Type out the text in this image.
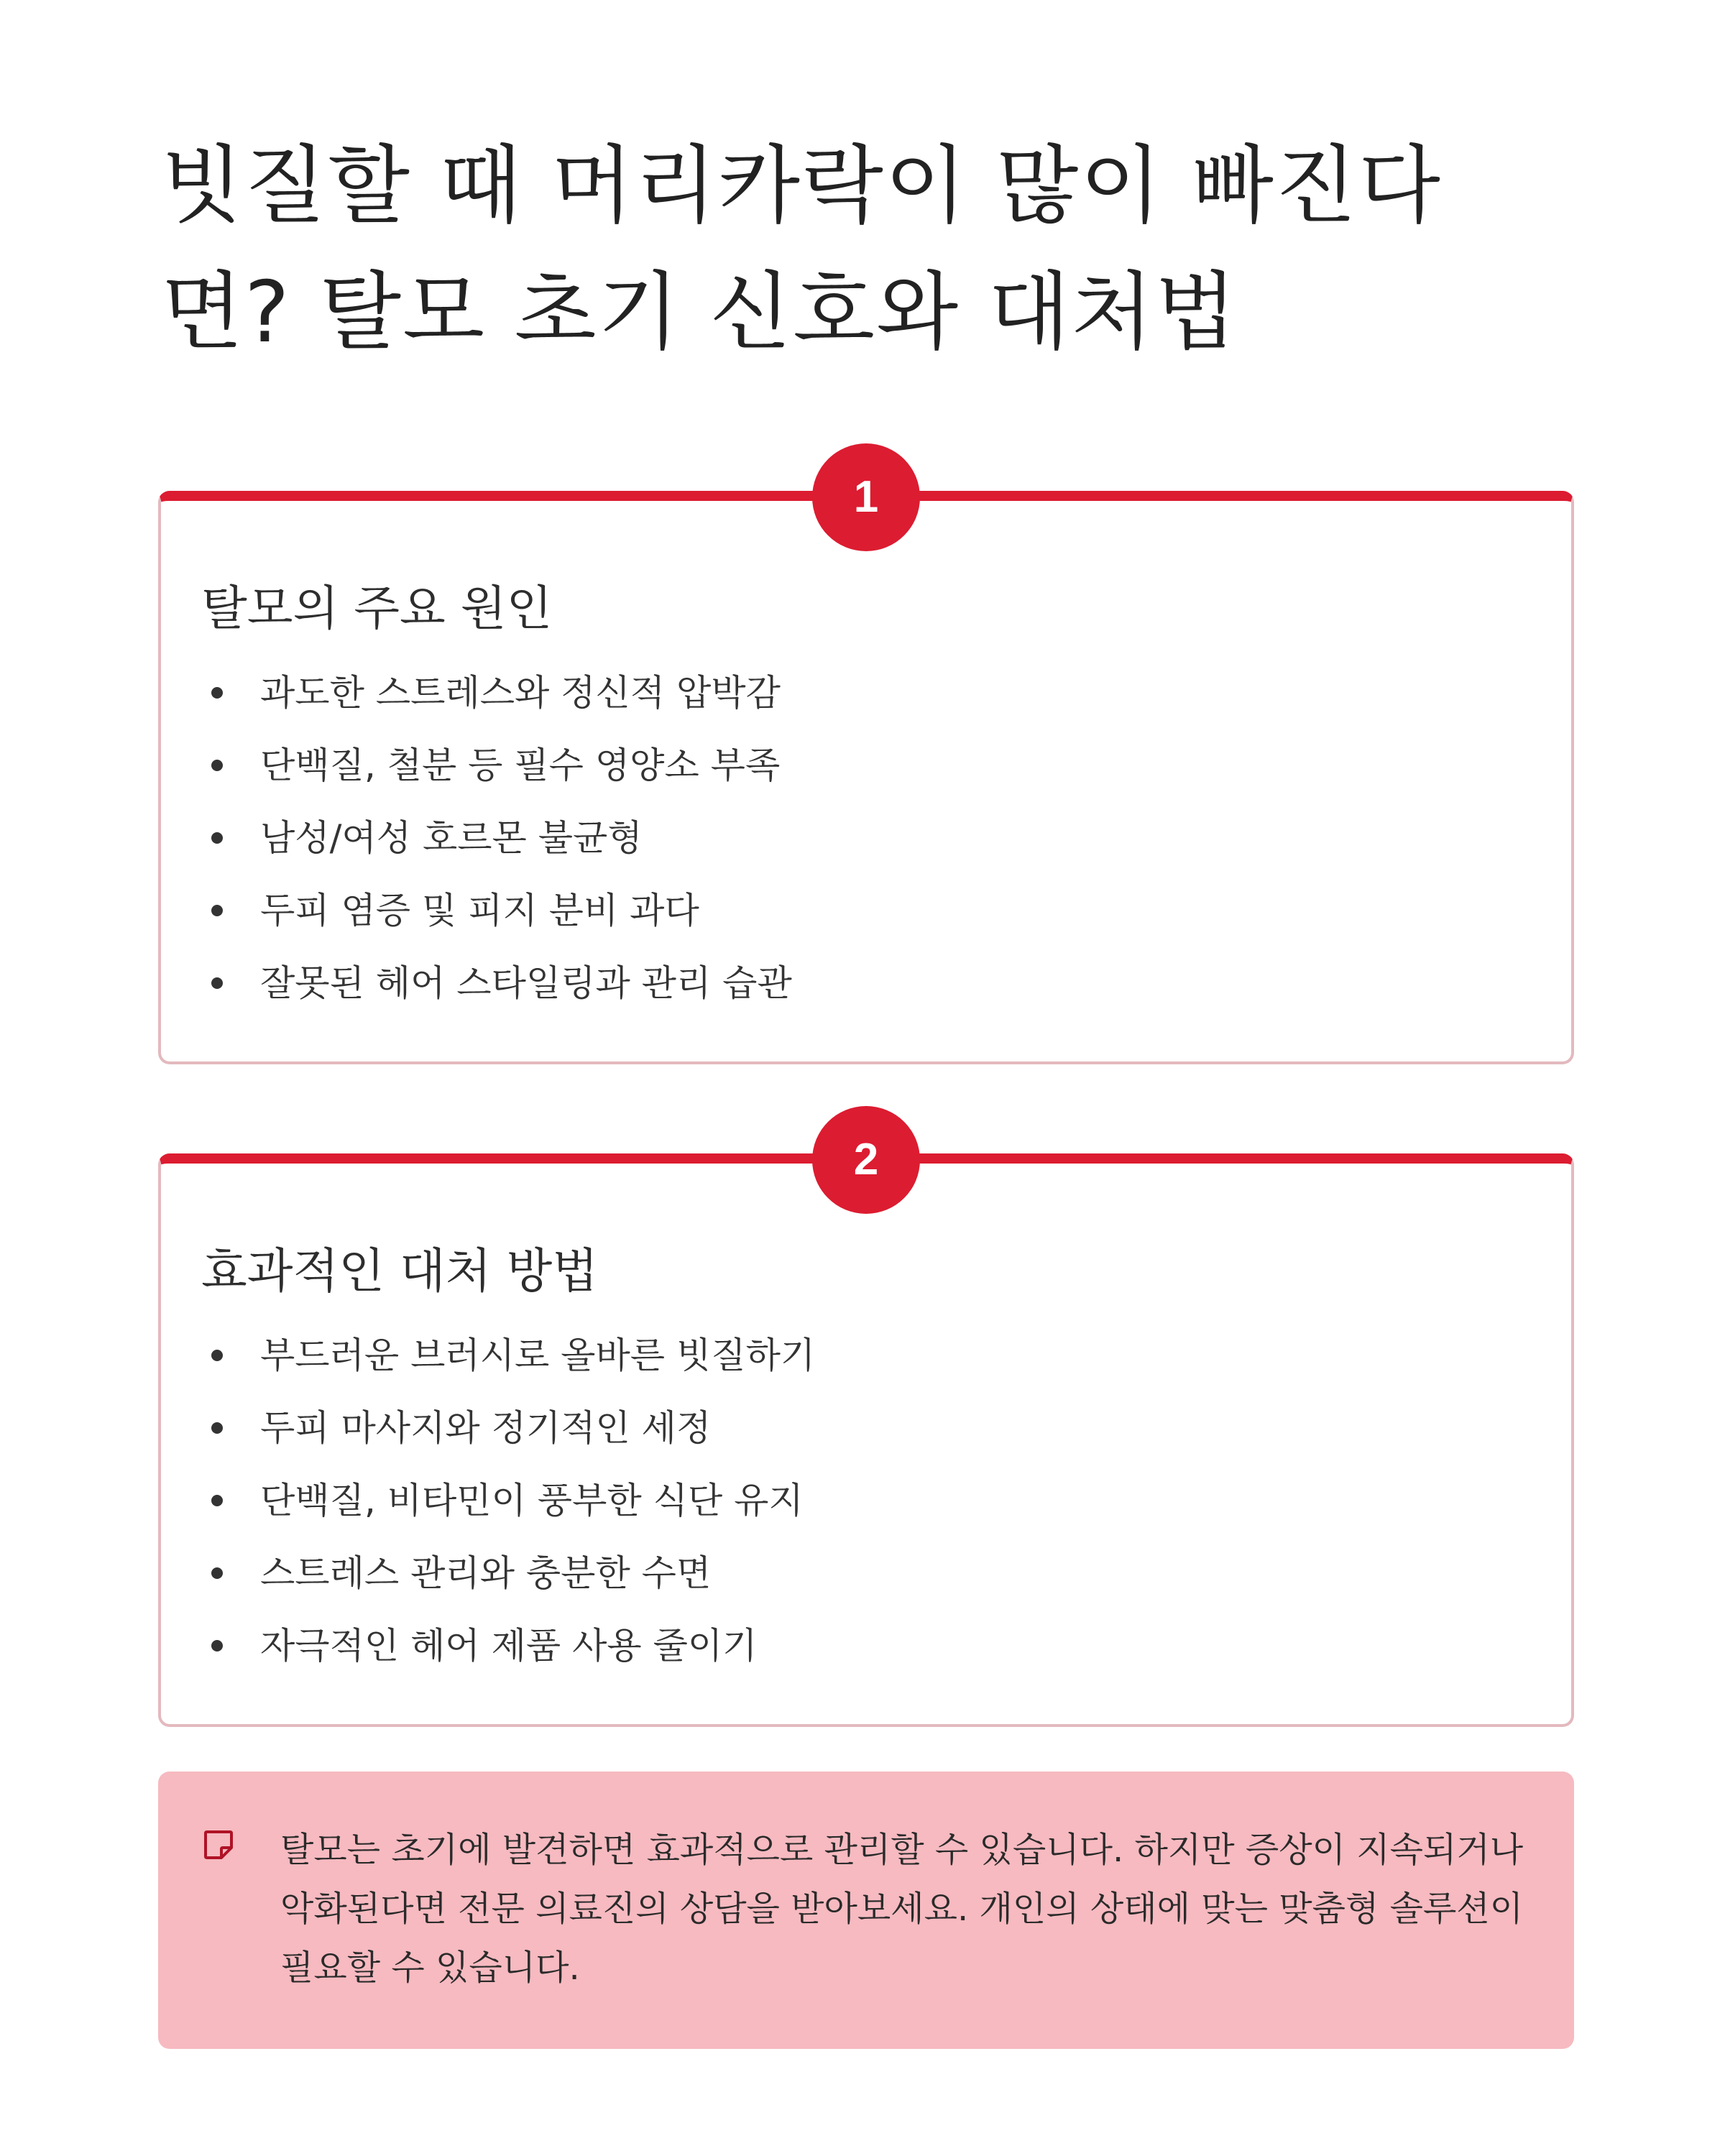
빗질할 때 머리카락이 많이 빠진다면? 탈모 초기 신호와 대처법
1
탈모의 주요 원인
과도한 스트레스와 정신적 압박감
단백질, 철분 등 필수 영양소 부족
남성/여성 호르몬 불균형
두피 염증 및 피지 분비 과다
잘못된 헤어 스타일링과 관리 습관
2
효과적인 대처 방법
부드러운 브러시로 올바른 빗질하기
두피 마사지와 정기적인 세정
단백질, 비타민이 풍부한 식단 유지
스트레스 관리와 충분한 수면
자극적인 헤어 제품 사용 줄이기

탈모는 초기에 발견하면 효과적으로 관리할 수 있습니다. 하지만 증상이 지속되거나 악화된다면 전문 의료진의 상담을 받아보세요. 개인의 상태에 맞는 맞춤형 솔루션이 필요할 수 있습니다.
